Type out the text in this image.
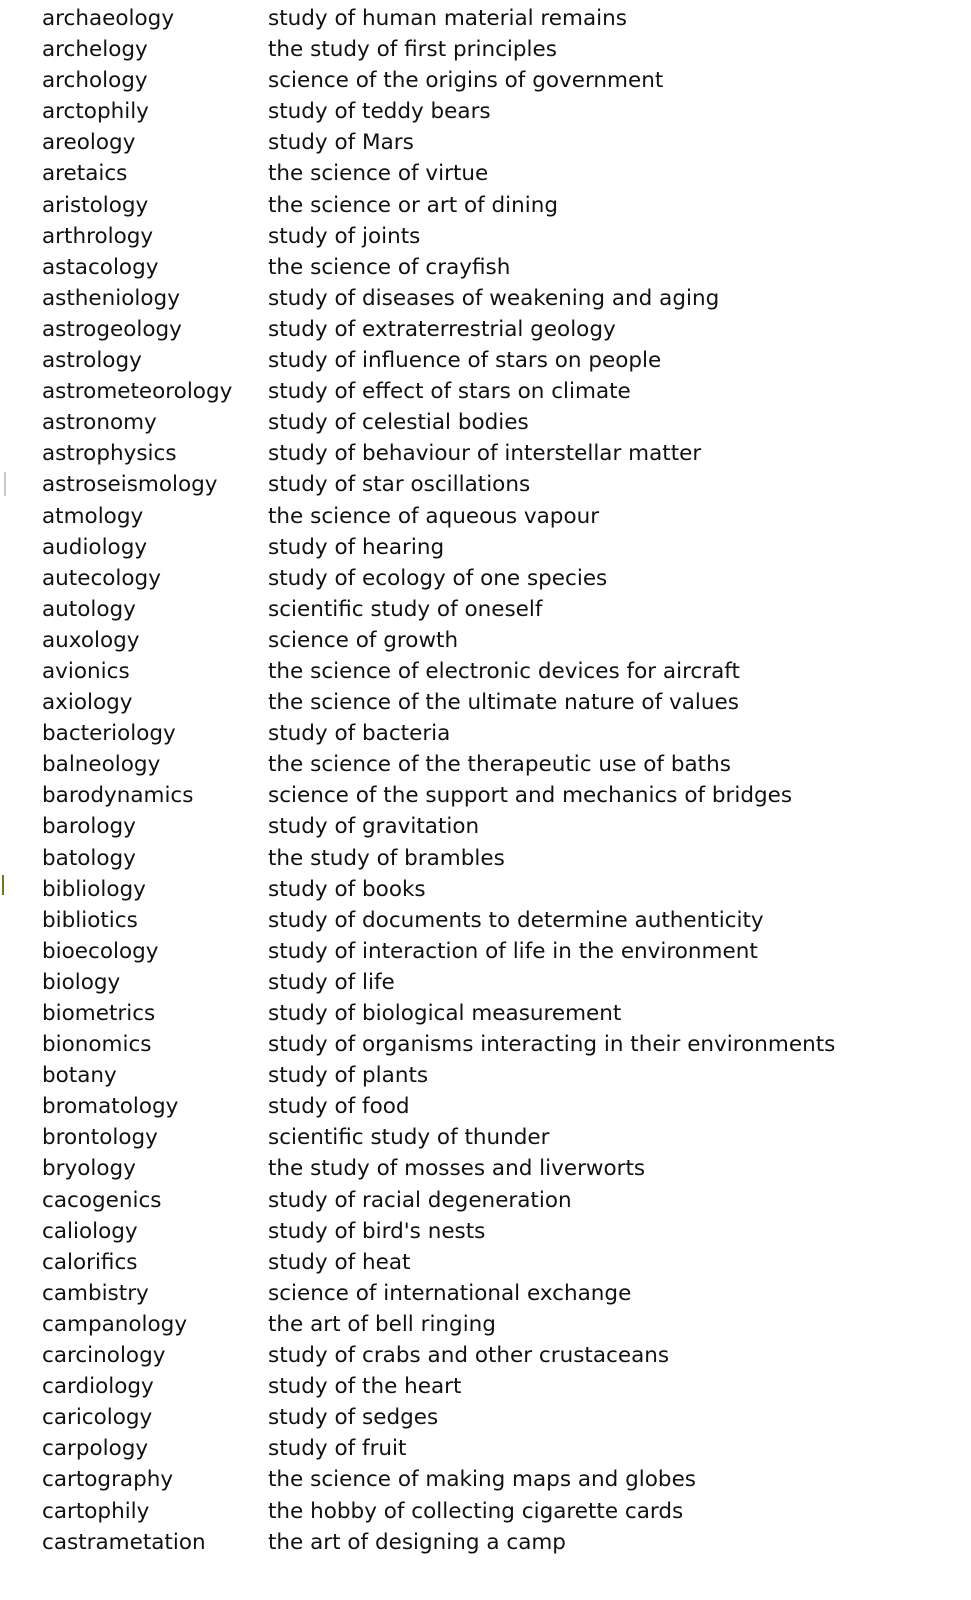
archaeology	study of human material remains
archelogy	the study of first principles
archology	science of the origins of government
arctophily	study of teddy bears
areology	study of Mars
aretaics	the science of virtue
aristology	the science or art of dining
arthrology	study of joints
astacology	the science of crayfish
astheniology	study of diseases of weakening and aging
astrogeology	study of extraterrestrial geology
astrology	study of influence of stars on people
astrometeorology study of effect of stars on climate
astronomy	study of celestial bodies
astrophysics	study of behaviour of interstellar matter
astroseismology study of star oscillations
atmology	the science of aqueous vapour
audiology	study of hearing
autecology	study of ecology of one species
autology	scientific study of oneself
auxology	science of growth
avionics	the science of electronic devices for aircraft
axiology	the science of the ultimate nature of values
bacteriology	study of bacteria
balneology	the science of the therapeutic use of baths
barodynamics	science of the support and mechanics of bridges
barology	study of gravitation
batology	the study of brambles
bibliology	study of books
bibliotics	study of documents to determine authenticity
bioecology	study of interaction of life in the environment
biology	study of life
biometrics	study of biological measurement
bionomics	study of organisms interacting in their environments
botany	study of plants
bromatology	study of food
brontology	scientific study of thunder
bryology	the study of mosses and liverworts
cacogenics	study of racial degeneration
caliology	study of bird's nests
calorifics	study of heat
cambistry	science of international exchange
campanology	the art of bell ringing
carcinology	study of crabs and other crustaceans
cardiology	study of the heart
caricology	study of sedges
carpology	study of fruit
cartography	the science of making maps and globes
cartophily	the hobby of collecting cigarette cards
castrametation	the art of designing a camp
